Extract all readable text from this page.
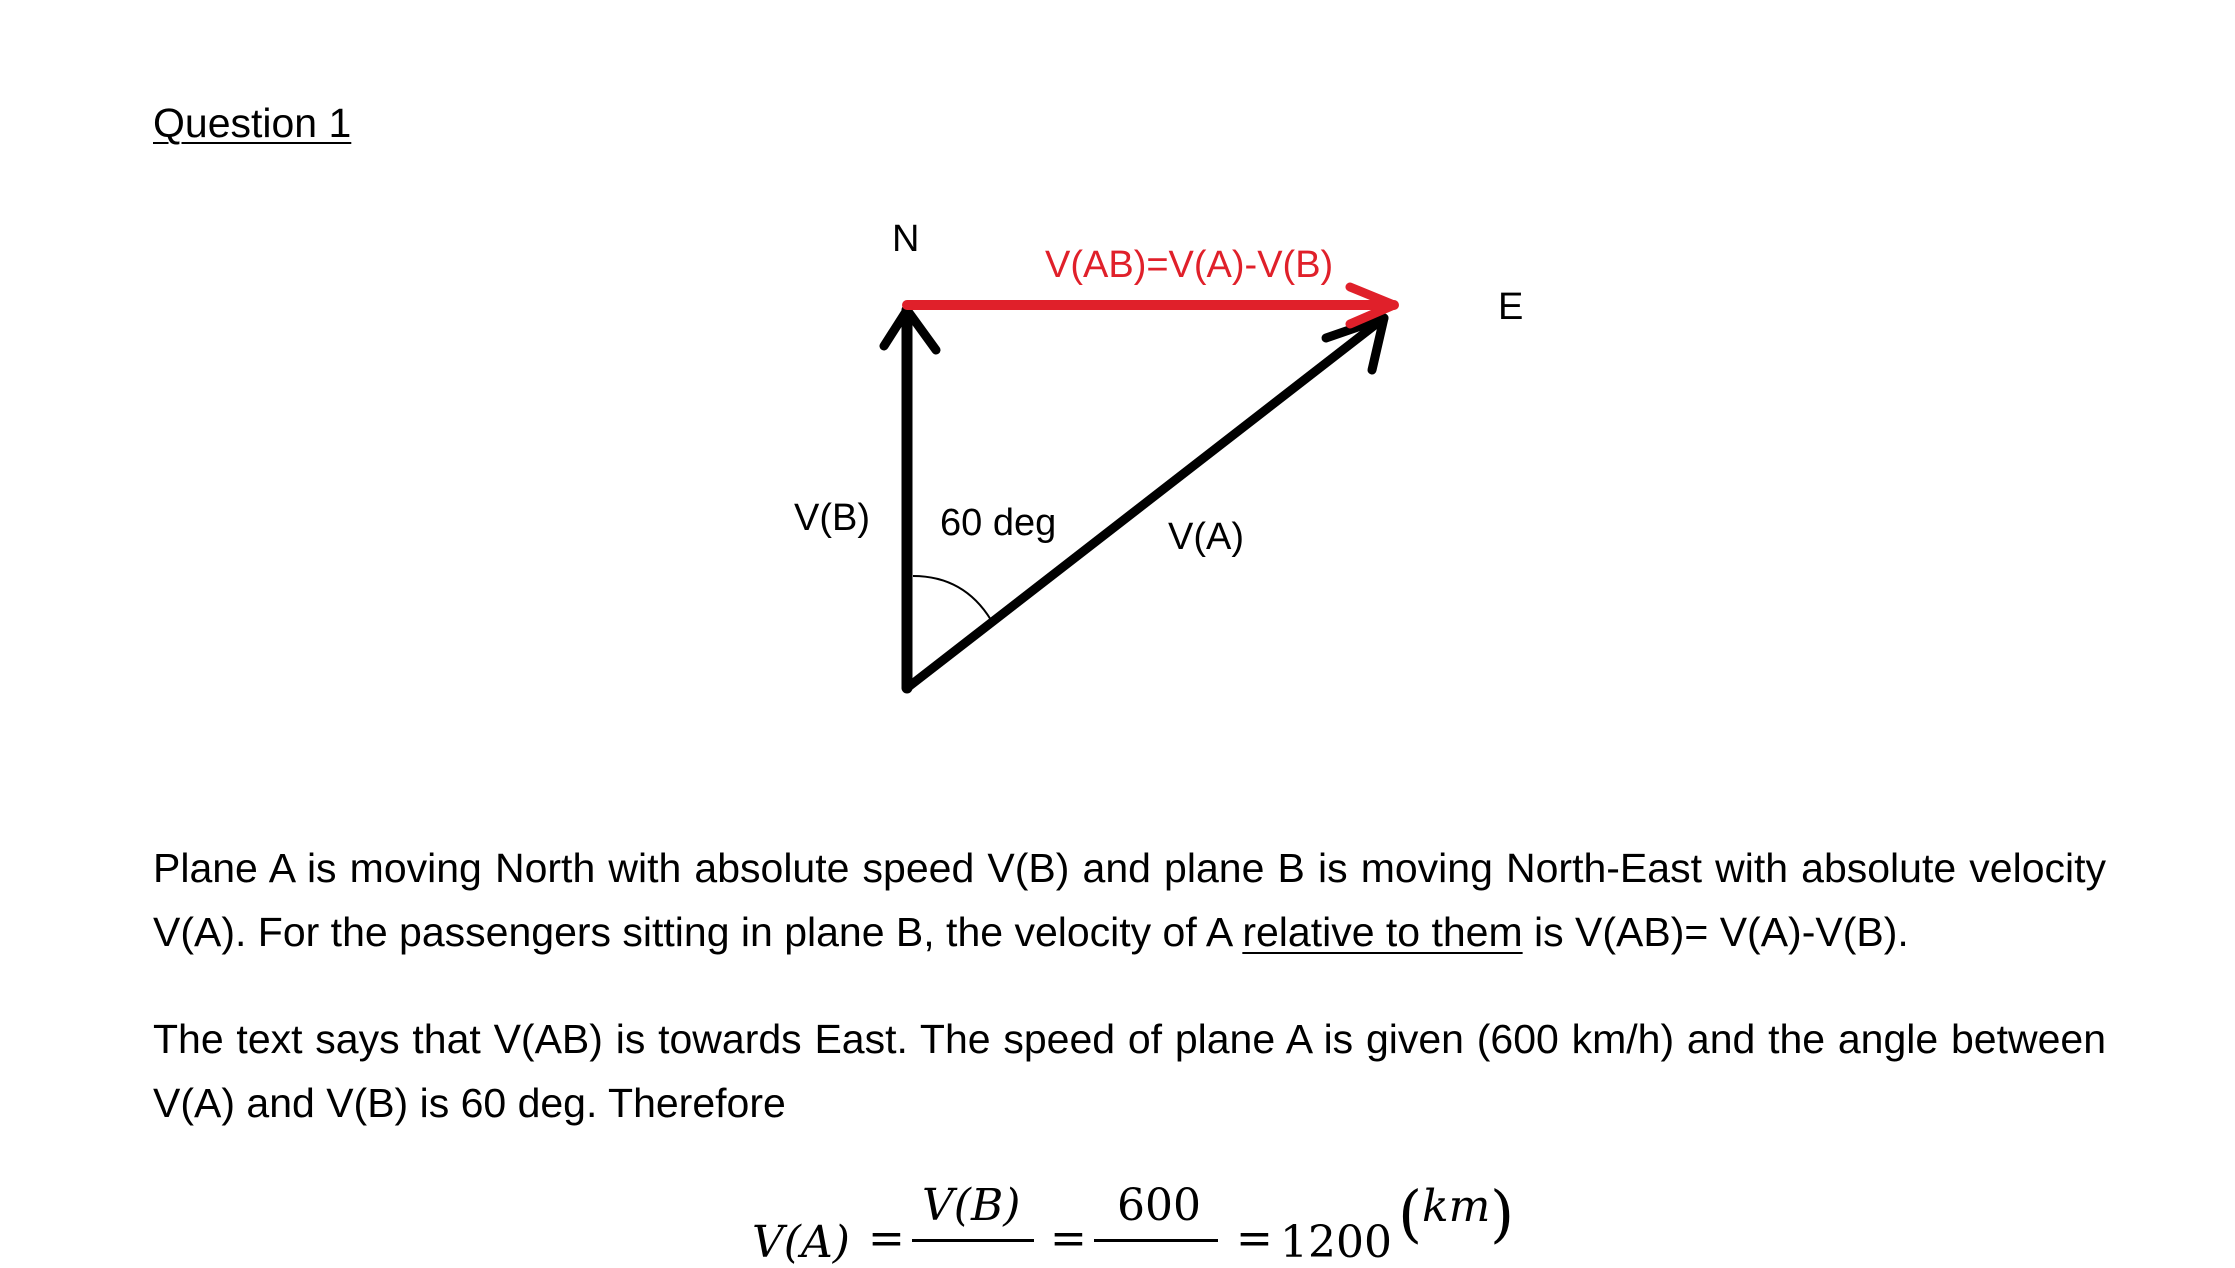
Question 1
N
V(AB)=V(A)-V(B)
E
V(B) 60 deg	V(A)
Plane A is moving North with absolute speed V(B) and plane B is moving North-East with absolute velocity V(A). For the passengers sitting in plane B, the velocity of A relative to them is V(AB)= V(A)-V(B).
The text says that V(AB) is towards East. The speed of plane A is given (600 km/h) and the angle between V(A) and V(B) is 60 deg. Therefore
V(A) =
V(B)
=
600
= 1200 ( km )
